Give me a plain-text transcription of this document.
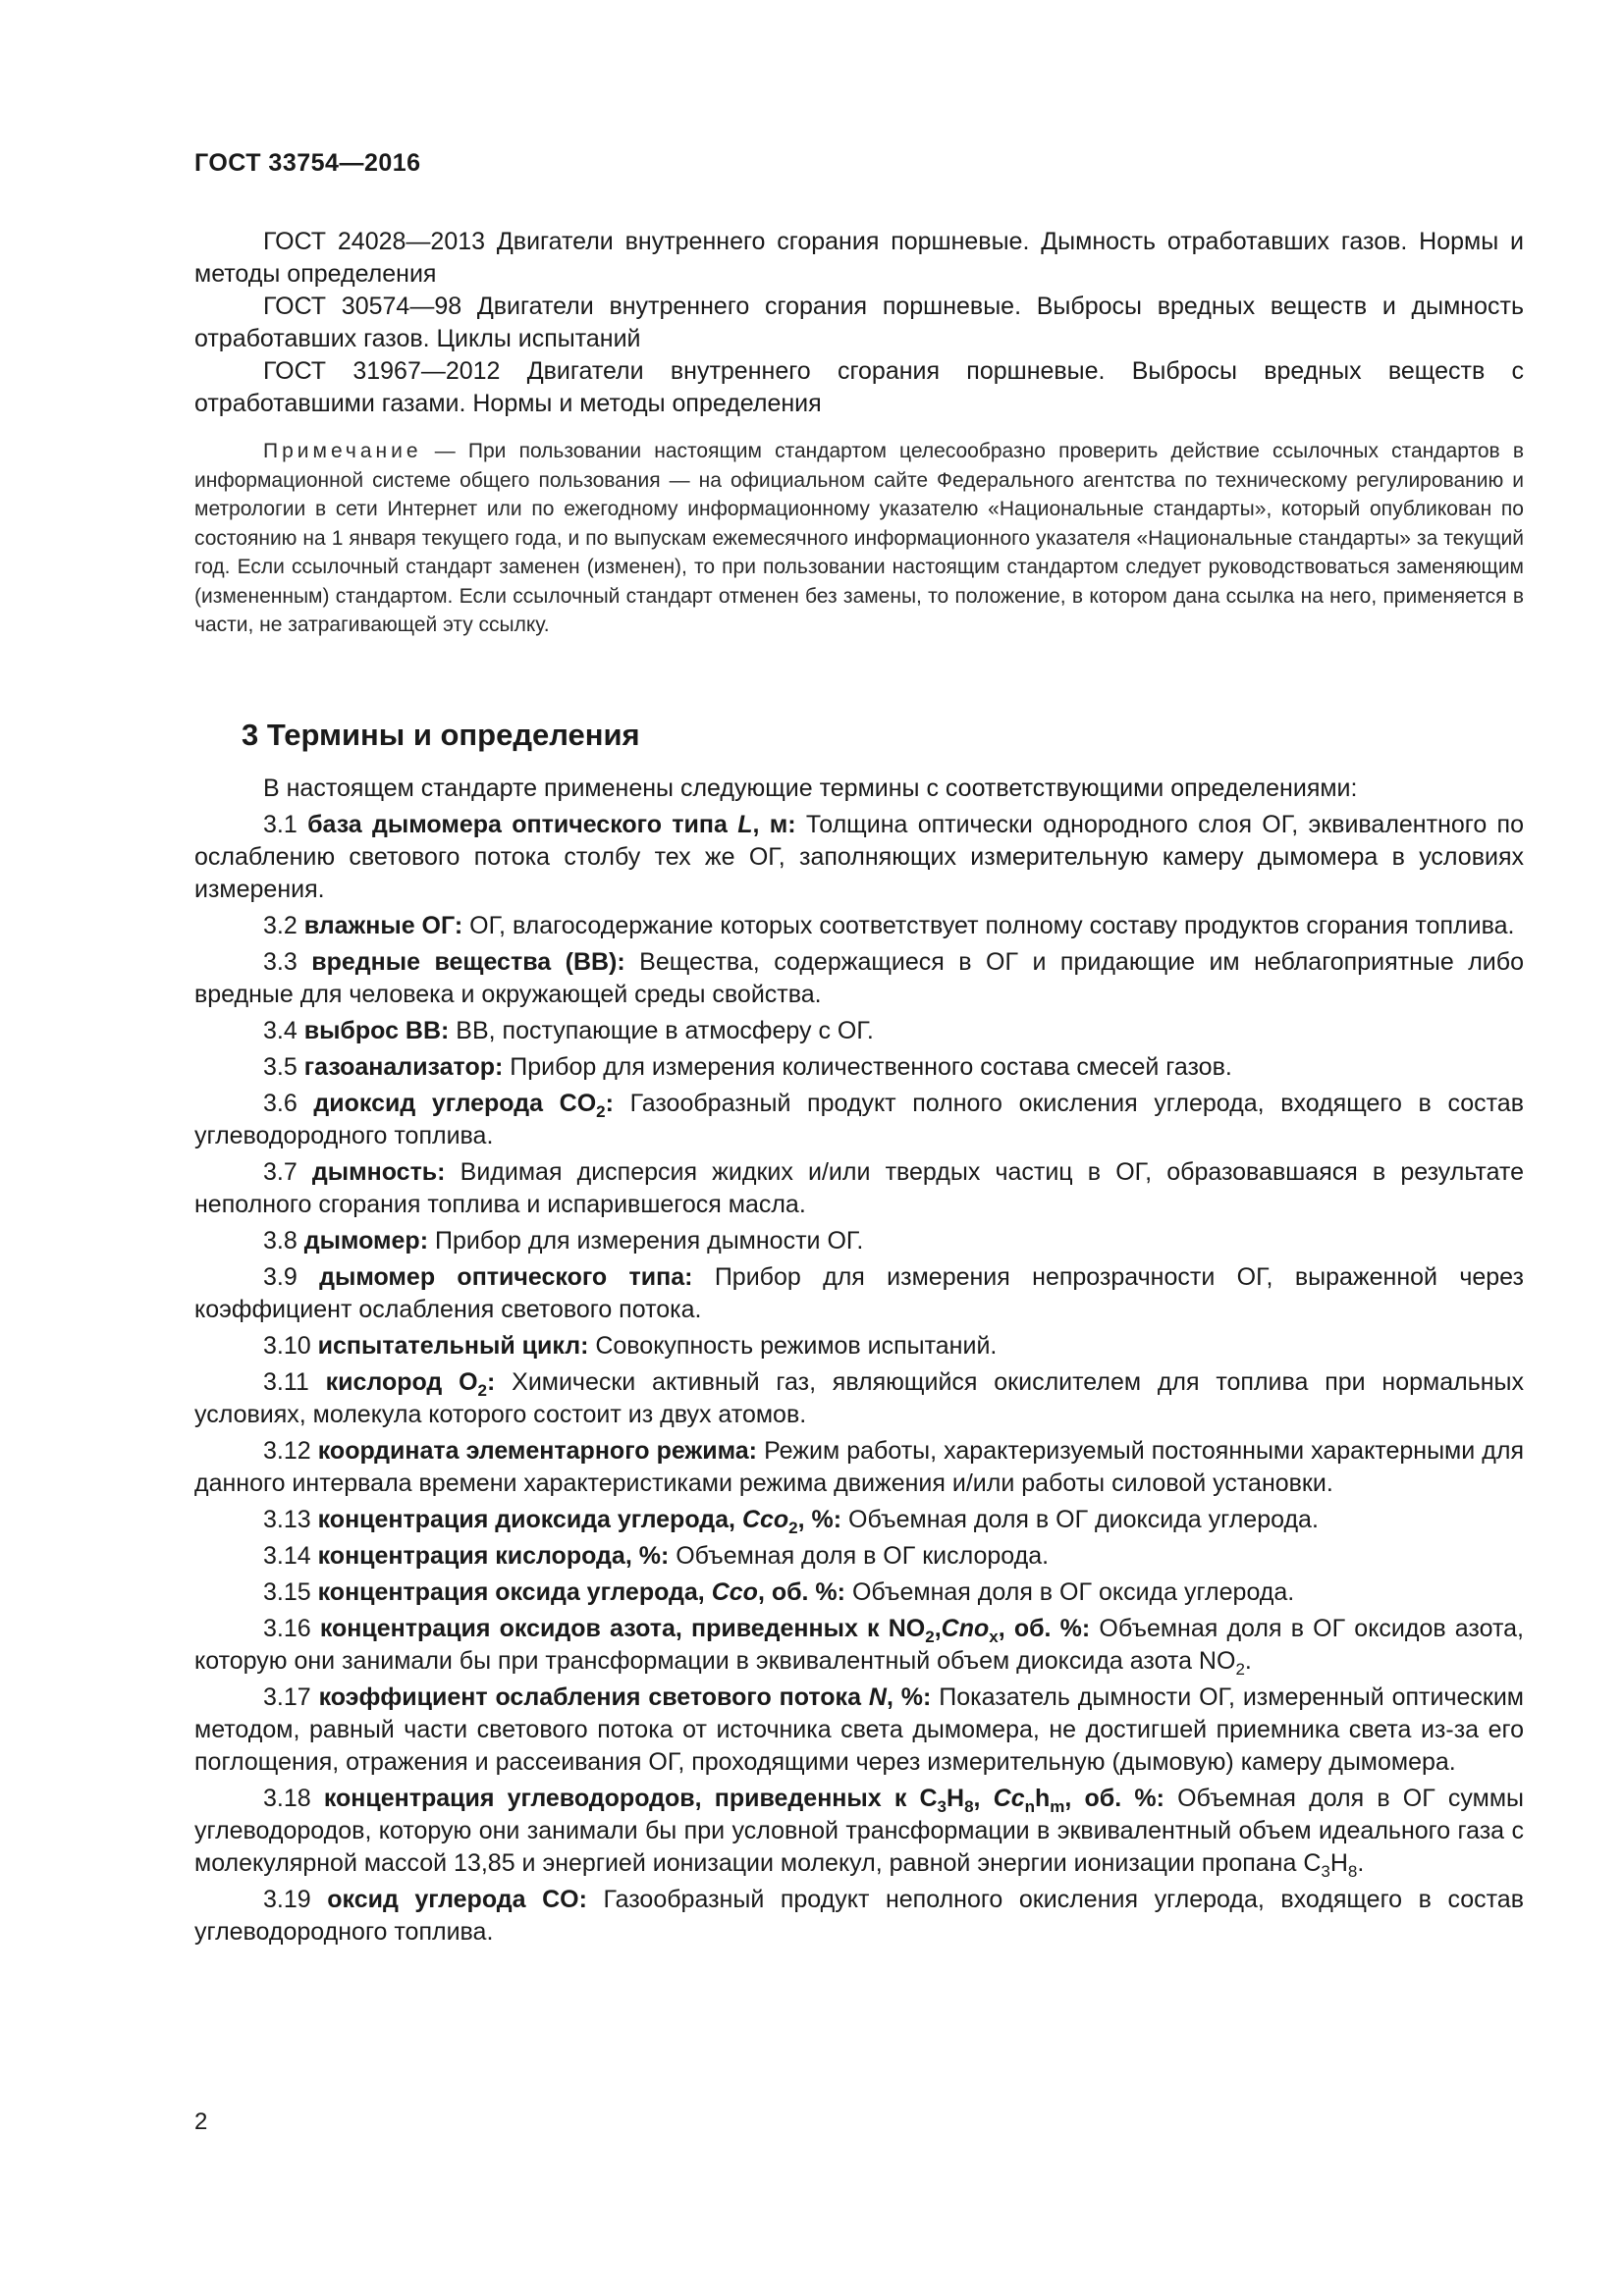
ГОСТ 33754—2016

ГОСТ 24028—2013 Двигатели внутреннего сгорания поршневые. Дымность отработавших газов. Нормы и методы определения

ГОСТ 30574—98 Двигатели внутреннего сгорания поршневые. Выбросы вредных веществ и дымность отработавших газов. Циклы испытаний

ГОСТ 31967—2012 Двигатели внутреннего сгорания поршневые. Выбросы вредных веществ с отработавшими газами. Нормы и методы определения

Примечание — При пользовании настоящим стандартом целесообразно проверить действие ссылочных стандартов в информационной системе общего пользования — на официальном сайте Федерального агентства по техническому регулированию и метрологии в сети Интернет или по ежегодному информационному указателю «Национальные стандарты», который опубликован по состоянию на 1 января текущего года, и по выпускам ежемесячного информационного указателя «Национальные стандарты» за текущий год. Если ссылочный стандарт заменен (изменен), то при пользовании настоящим стандартом следует руководствоваться заменяющим (измененным) стандартом. Если ссылочный стандарт отменен без замены, то положение, в котором дана ссылка на него, применяется в части, не затрагивающей эту ссылку.

3 Термины и определения

В настоящем стандарте применены следующие термины с соответствующими определениями:

3.1 база дымомера оптического типа L, м: Толщина оптически однородного слоя ОГ, эквивалентного по ослаблению светового потока столбу тех же ОГ, заполняющих измерительную камеру дымомера в условиях измерения.

3.2 влажные ОГ: ОГ, влагосодержание которых соответствует полному составу продуктов сгорания топлива.

3.3 вредные вещества (ВВ): Вещества, содержащиеся в ОГ и придающие им неблагоприятные либо вредные для человека и окружающей среды свойства.

3.4 выброс ВВ: ВВ, поступающие в атмосферу с ОГ.

3.5 газоанализатор: Прибор для измерения количественного состава смесей газов.

3.6 диоксид углерода $CO_2$: Газообразный продукт полного окисления углерода, входящего в состав углеводородного топлива.

3.7 дымность: Видимая дисперсия жидких и/или твердых частиц в ОГ, образовавшаяся в результате неполного сгорания топлива и испарившегося масла.

3.8 дымомер: Прибор для измерения дымности ОГ.

3.9 дымомер оптического типа: Прибор для измерения непрозрачности ОГ, выраженной через коэффициент ослабления светового потока.

3.10 испытательный цикл: Совокупность режимов испытаний.

3.11 кислород $O_2$: Химически активный газ, являющийся окислителем для топлива при нормальных условиях, молекула которого состоит из двух атомов.

3.12 координата элементарного режима: Режим работы, характеризуемый постоянными характерными для данного интервала времени характеристиками режима движения и/или работы силовой установки.

3.13 концентрация диоксида углерода, Cco$_2$, %: Объемная доля в ОГ диоксида углерода.

3.14 концентрация кислорода, %: Объемная доля в ОГ кислорода.

3.15 концентрация оксида углерода, Cco, об. %: Объемная доля в ОГ оксида углерода.

3.16 концентрация оксидов азота, приведенных к $NO_2,Cno_x$, об. %: Объемная доля в ОГ оксидов азота, которую они занимали бы при трансформации в эквивалентный объем диоксида азота $NO_2$.

3.17 коэффициент ослабления светового потока N, %: Показатель дымности ОГ, измеренный оптическим методом, равный части светового потока от источника света дымомера, не достигшей приемника света из-за его поглощения, отражения и рассеивания ОГ, проходящими через измерительную (дымовую) камеру дымомера.

3.18 концентрация углеводородов, приведенных к $C_3H_8$, $Cc_nh_m$, об. %: Объемная доля в ОГ суммы углеводородов, которую они занимали бы при условной трансформации в эквивалентный объем идеального газа с молекулярной массой 13,85 и энергией ионизации молекул, равной энергии ионизации пропана $C_3H_8$.

3.19 оксид углерода CO: Газообразный продукт неполного окисления углерода, входящего в состав углеводородного топлива.

2
